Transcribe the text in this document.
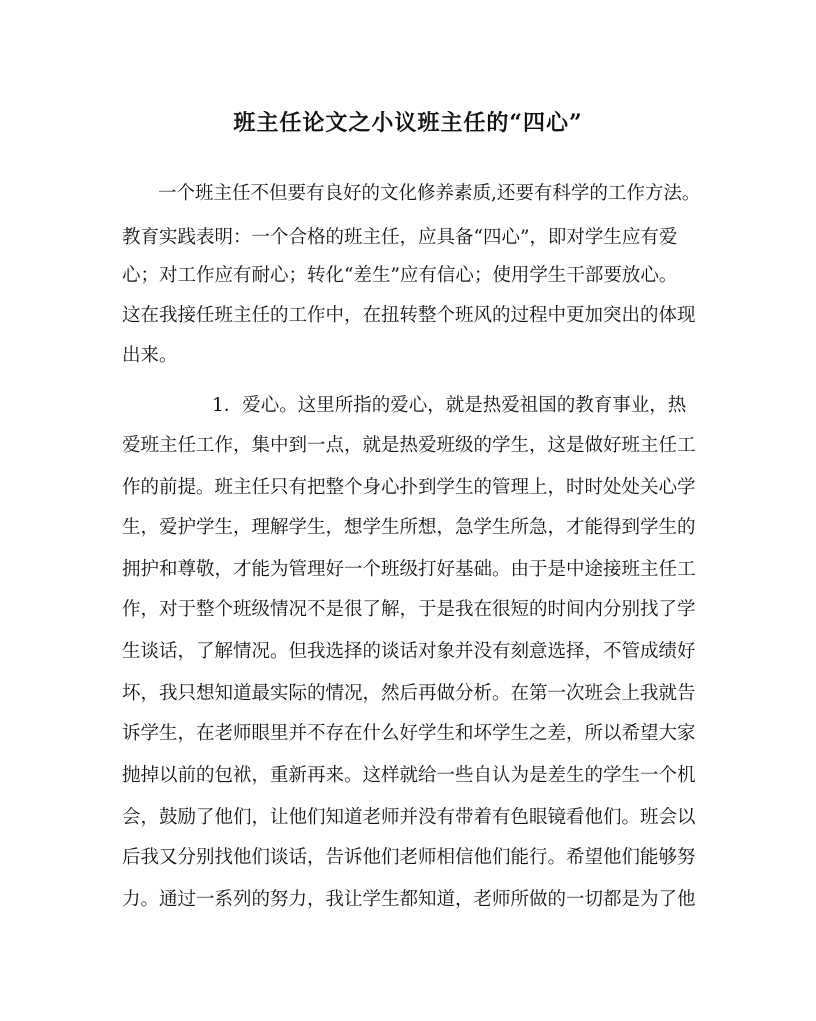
班主任论文之小议班主任的“四心”
一个班主任不但要有良好的文化修养素质,还要有科学的工作方法。
教育实践表明：一个合格的班主任，应具备“四心”，即对学生应有爱
心；对工作应有耐心；转化“差生”应有信心；使用学生干部要放心。
这在我接任班主任的工作中，在扭转整个班风的过程中更加突出的体现
出来。
1．爱心。这里所指的爱心，就是热爱祖国的教育事业，热
爱班主任工作，集中到一点，就是热爱班级的学生，这是做好班主任工
作的前提。班主任只有把整个身心扑到学生的管理上，时时处处关心学
生，爱护学生，理解学生，想学生所想，急学生所急，才能得到学生的
拥护和尊敬，才能为管理好一个班级打好基础。由于是中途接班主任工
作，对于整个班级情况不是很了解，于是我在很短的时间内分别找了学
生谈话，了解情况。但我选择的谈话对象并没有刻意选择，不管成绩好
坏，我只想知道最实际的情况，然后再做分析。在第一次班会上我就告
诉学生，在老师眼里并不存在什么好学生和坏学生之差，所以希望大家
抛掉以前的包袱，重新再来。这样就给一些自认为是差生的学生一个机
会，鼓励了他们，让他们知道老师并没有带着有色眼镜看他们。班会以
后我又分别找他们谈话，告诉他们老师相信他们能行。希望他们能够努
力。通过一系列的努力，我让学生都知道，老师所做的一切都是为了他
